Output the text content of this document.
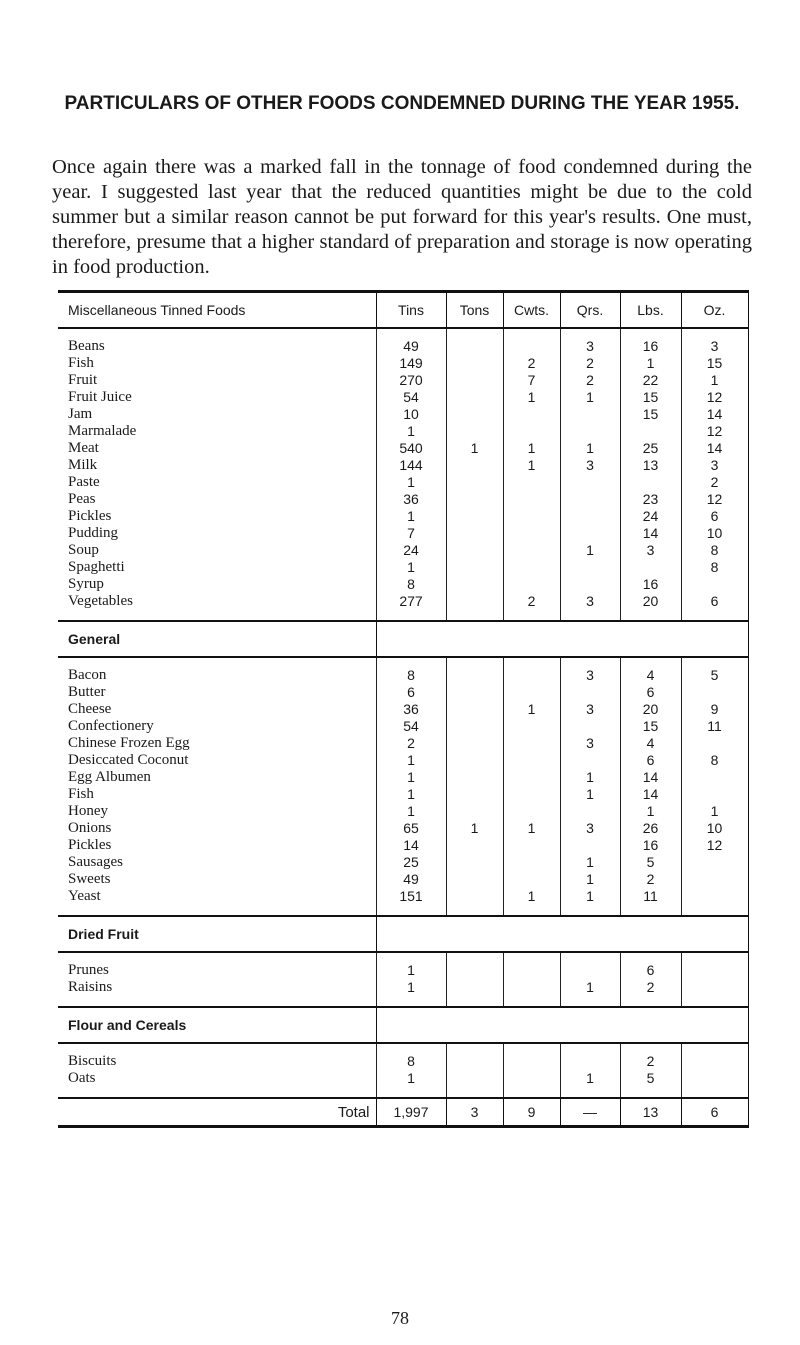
PARTICULARS OF OTHER FOODS CONDEMNED DURING THE YEAR 1955.
Once again there was a marked fall in the tonnage of food condemned during the year. I suggested last year that the reduced quantities might be due to the cold summer but a similar reason cannot be put forward for this year's results. One must, therefore, presume that a higher standard of preparation and storage is now operating in food production.
Miscellaneous Tinned Foods	Tins	Tons	Cwts.	Qrs.	Lbs.	Oz.

Beans	49			3	16	3
Fish	149		2	2	1	15
Fruit	270		7	2	22	1
Fruit Juice	54		1	1	15	12
Jam	10				15	14
Marmalade	1					12
Meat	540	1	1	1	25	14
Milk	144		1	3	13	3
Paste	1					2
Peas	36				23	12
Pickles	1				24	6
Pudding	7				14	10
Soup	24			1	3	8
Spaghetti	1					8
Syrup	8				16	
Vegetables	277		2	3	20	6

General						

Bacon	8			3	4	5
Butter	6				6	
Cheese	36		1	3	20	9
Confectionery	54				15	11
Chinese Frozen Egg	2			3	4	
Desiccated Coconut	1				6	8
Egg Albumen	1			1	14	
Fish	1			1	14	
Honey	1				1	1
Onions	65	1	1	3	26	10
Pickles	14				16	12
Sausages	25			1	5	
Sweets	49			1	2	
Yeast	151		1	1	11	

Dried Fruit						

Prunes	1				6	
Raisins	1			1	2	

Flour and Cereals						

Biscuits	8				2	
Oats	1			1	5	

Total	1,997	3	9	—	13	6
78
